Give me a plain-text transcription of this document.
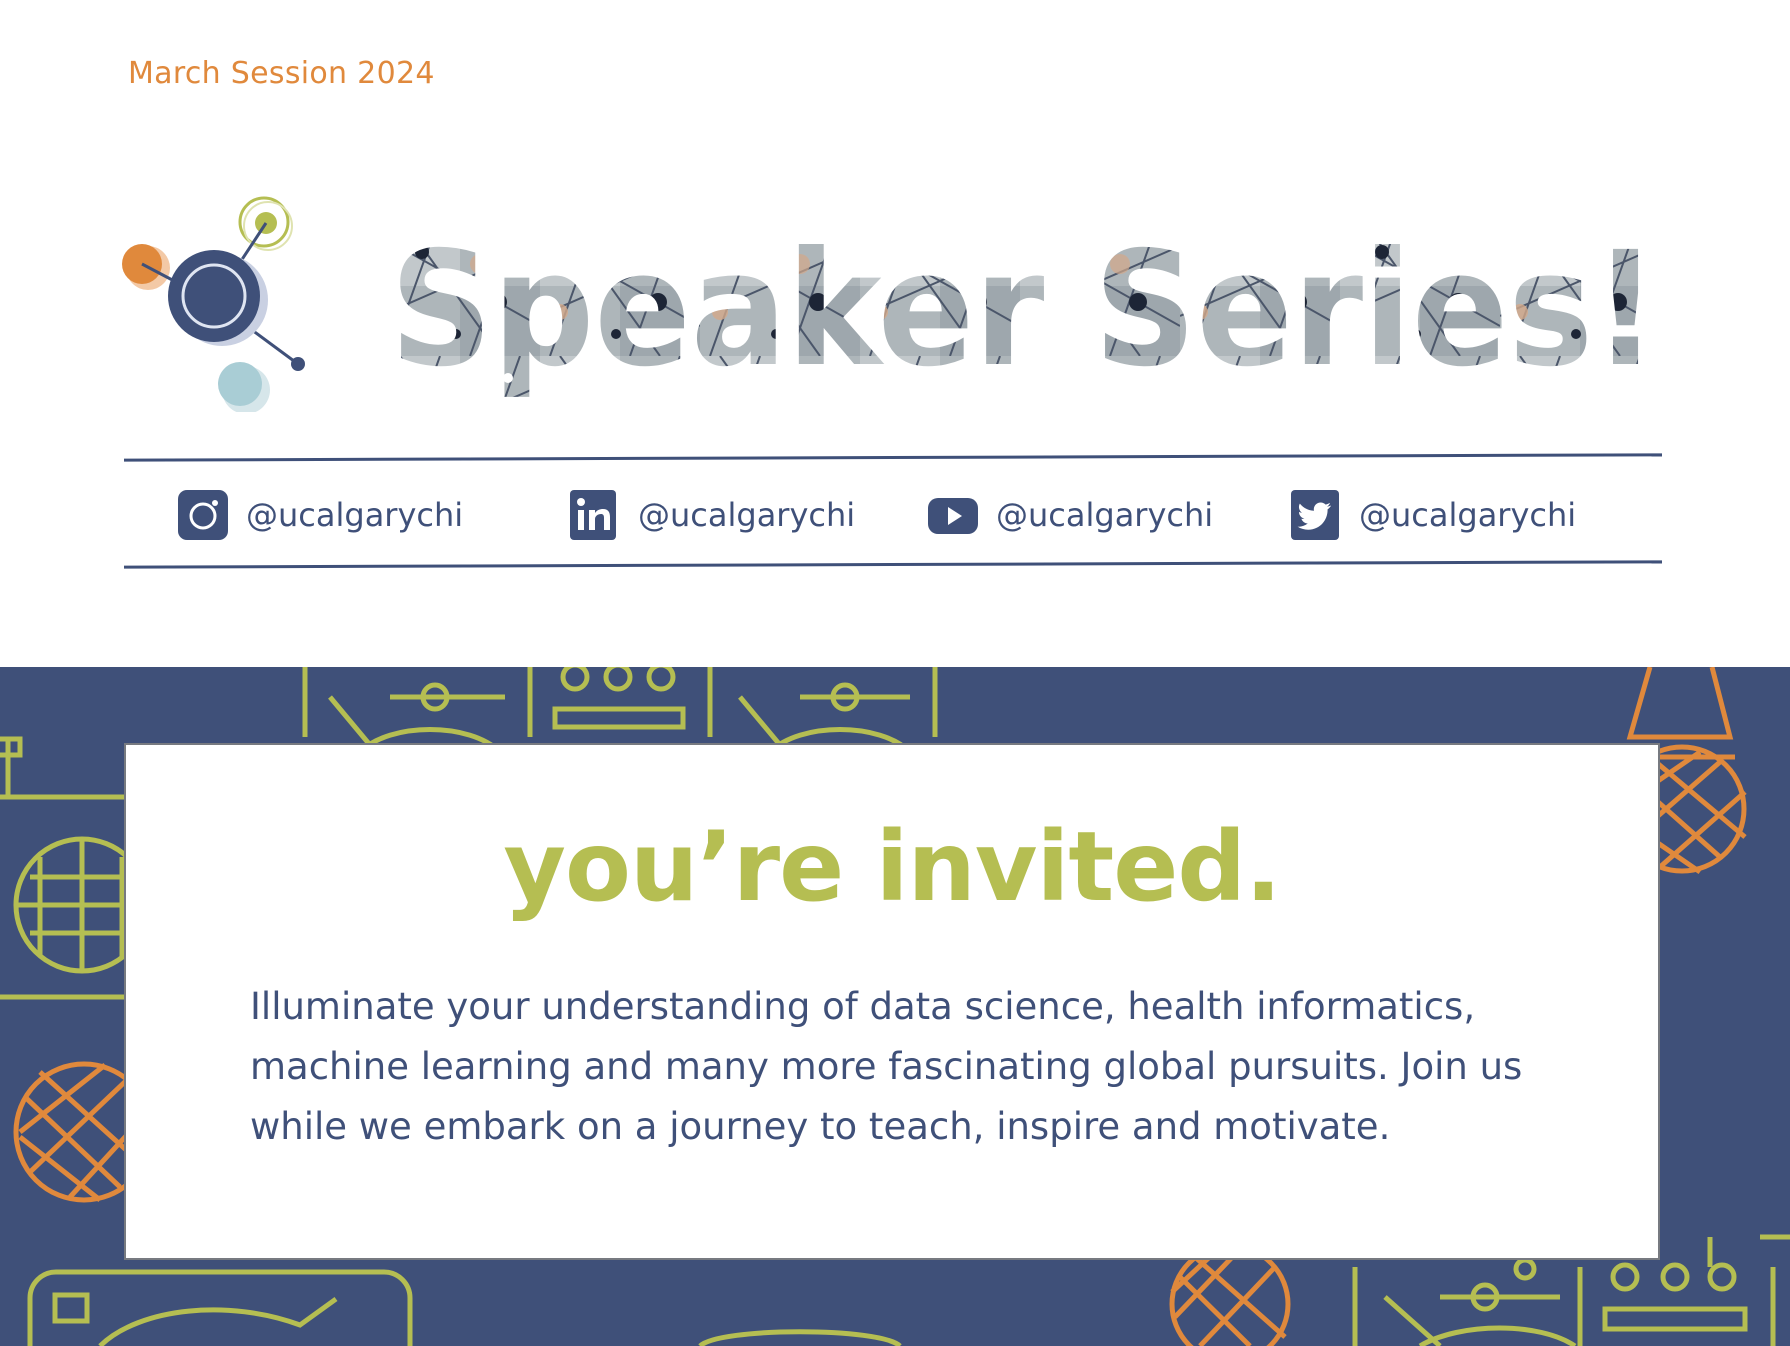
March Session 2024
Speaker Series!
@ucalgarychi	@ucalgarychi	@ucalgarychi	@ucalgarychi
you’re invited.

Illuminate your understanding of data science, health informatics, machine learning and many more fascinating global pursuits. Join us while we embark on a journey to teach, inspire and motivate.
